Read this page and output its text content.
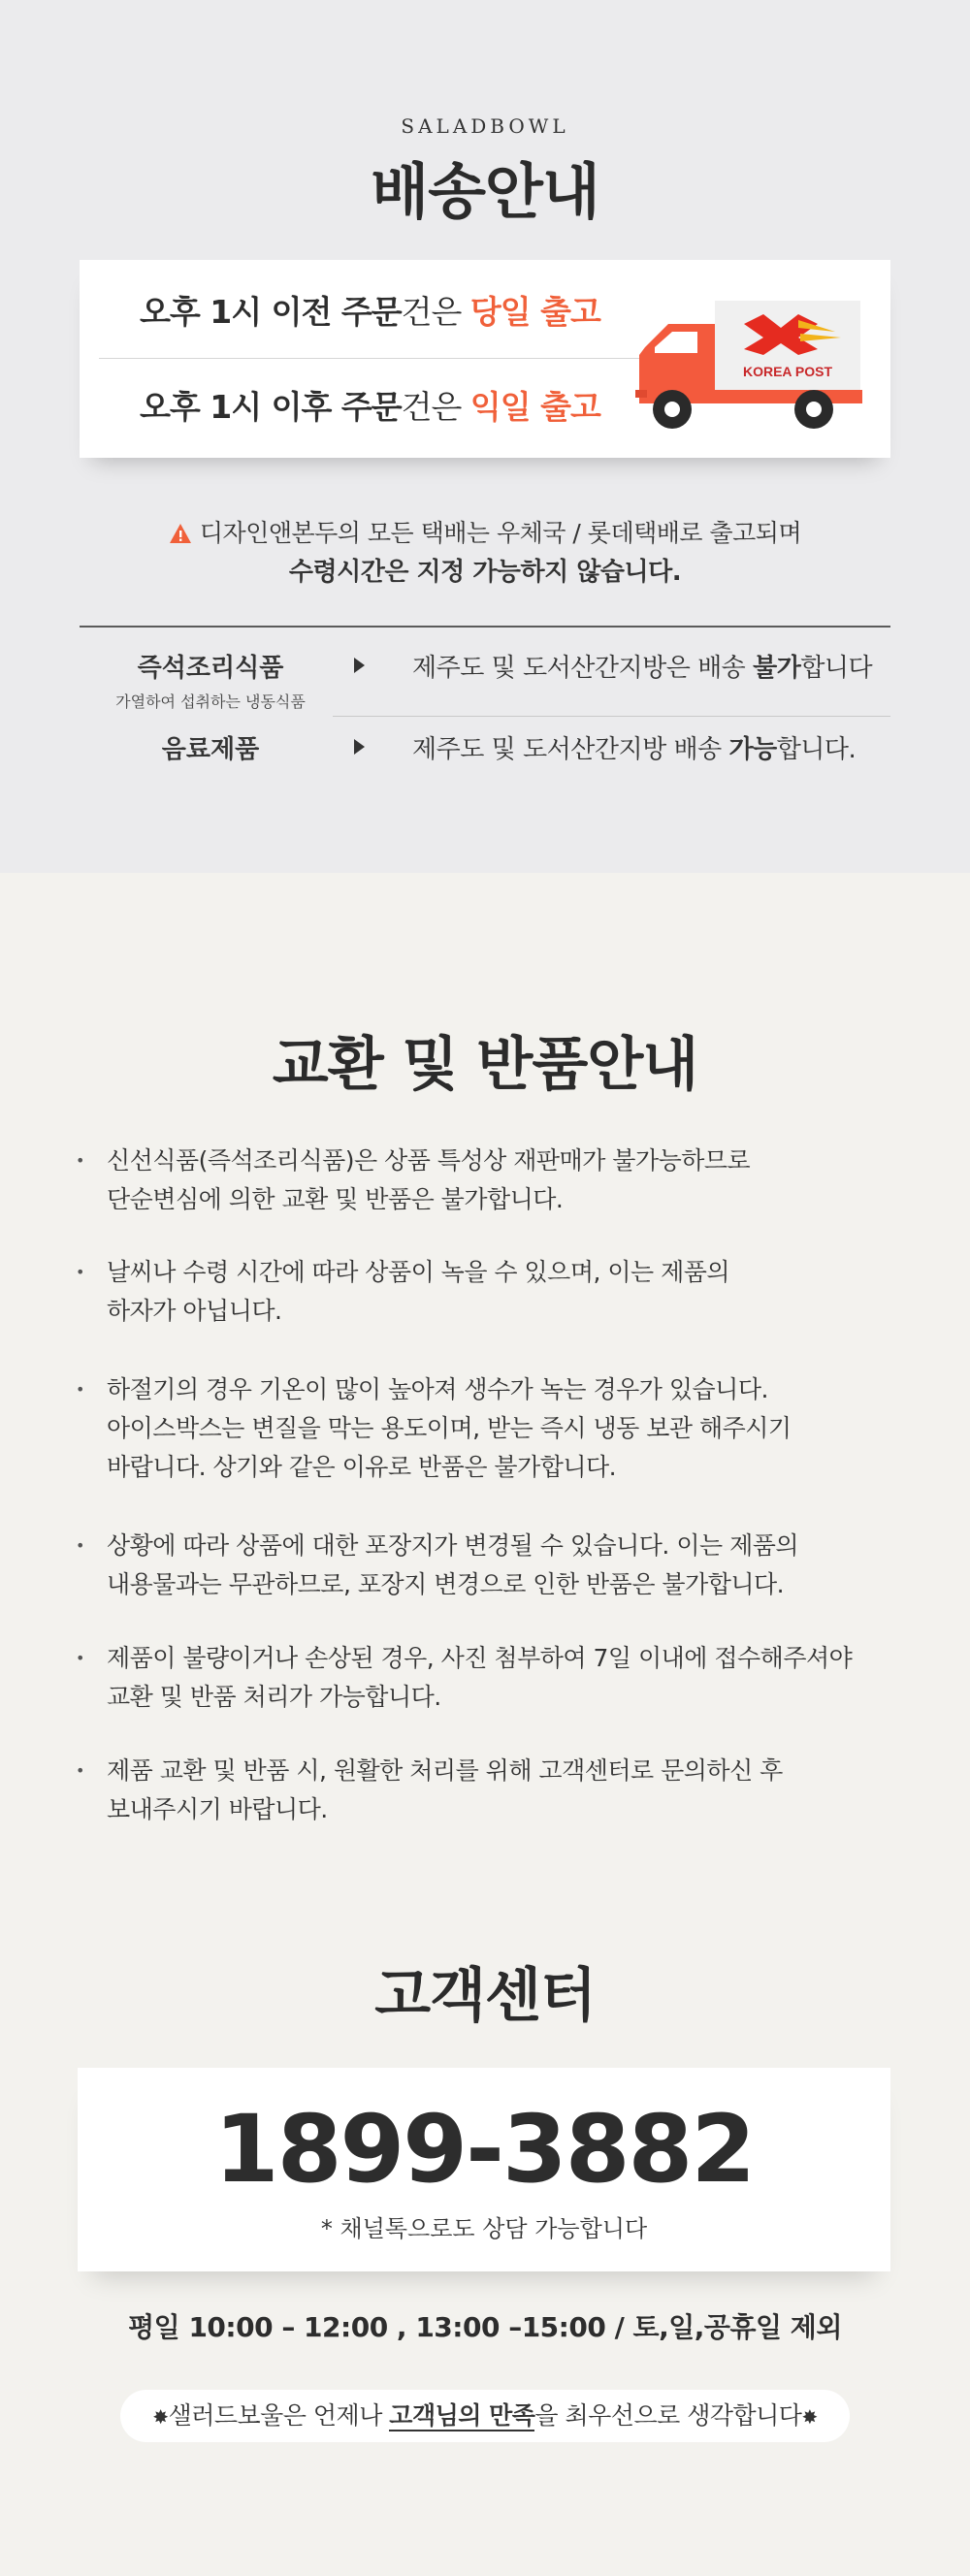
SALADBOWL
배송안내
오후 1시 이전 주문건은 당일 출고
오후 1시 이후 주문건은 익일 출고
KOREA POST
디자인앤본두의 모든 택배는 우체국 / 롯데택배로 출고되며
수령시간은 지정 가능하지 않습니다.
즉석조리식품
가열하여 섭취하는 냉동식품
제주도 및 도서산간지방은 배송 불가합니다
음료제품	제주도 및 도서산간지방 배송 가능합니다.
교환 및 반품안내
• 신선식품(즉석조리식품)은 상품 특성상 재판매가 불가능하므로
단순변심에 의한 교환 및 반품은 불가합니다.
• 날씨나 수령 시간에 따라 상품이 녹을 수 있으며, 이는 제품의
하자가 아닙니다.
• 하절기의 경우 기온이 많이 높아져 생수가 녹는 경우가 있습니다.
아이스박스는 변질을 막는 용도이며, 받는 즉시 냉동 보관 해주시기
바랍니다. 상기와 같은 이유로 반품은 불가합니다.
• 상황에 따라 상품에 대한 포장지가 변경될 수 있습니다. 이는 제품의
내용물과는 무관하므로, 포장지 변경으로 인한 반품은 불가합니다.
• 제품이 불량이거나 손상된 경우, 사진 첨부하여 7일 이내에 접수해주셔야
교환 및 반품 처리가 가능합니다.
• 제품 교환 및 반품 시, 원활한 처리를 위해 고객센터로 문의하신 후
보내주시기 바랍니다.
고객센터
1899-3882
* 채널톡으로도 상담 가능합니다
평일 10:00 – 12:00 , 13:00 –15:00 / 토,일,공휴일 제외
✸샐러드보울은 언제나 고객님의 만족을 최우선으로 생각합니다✸
